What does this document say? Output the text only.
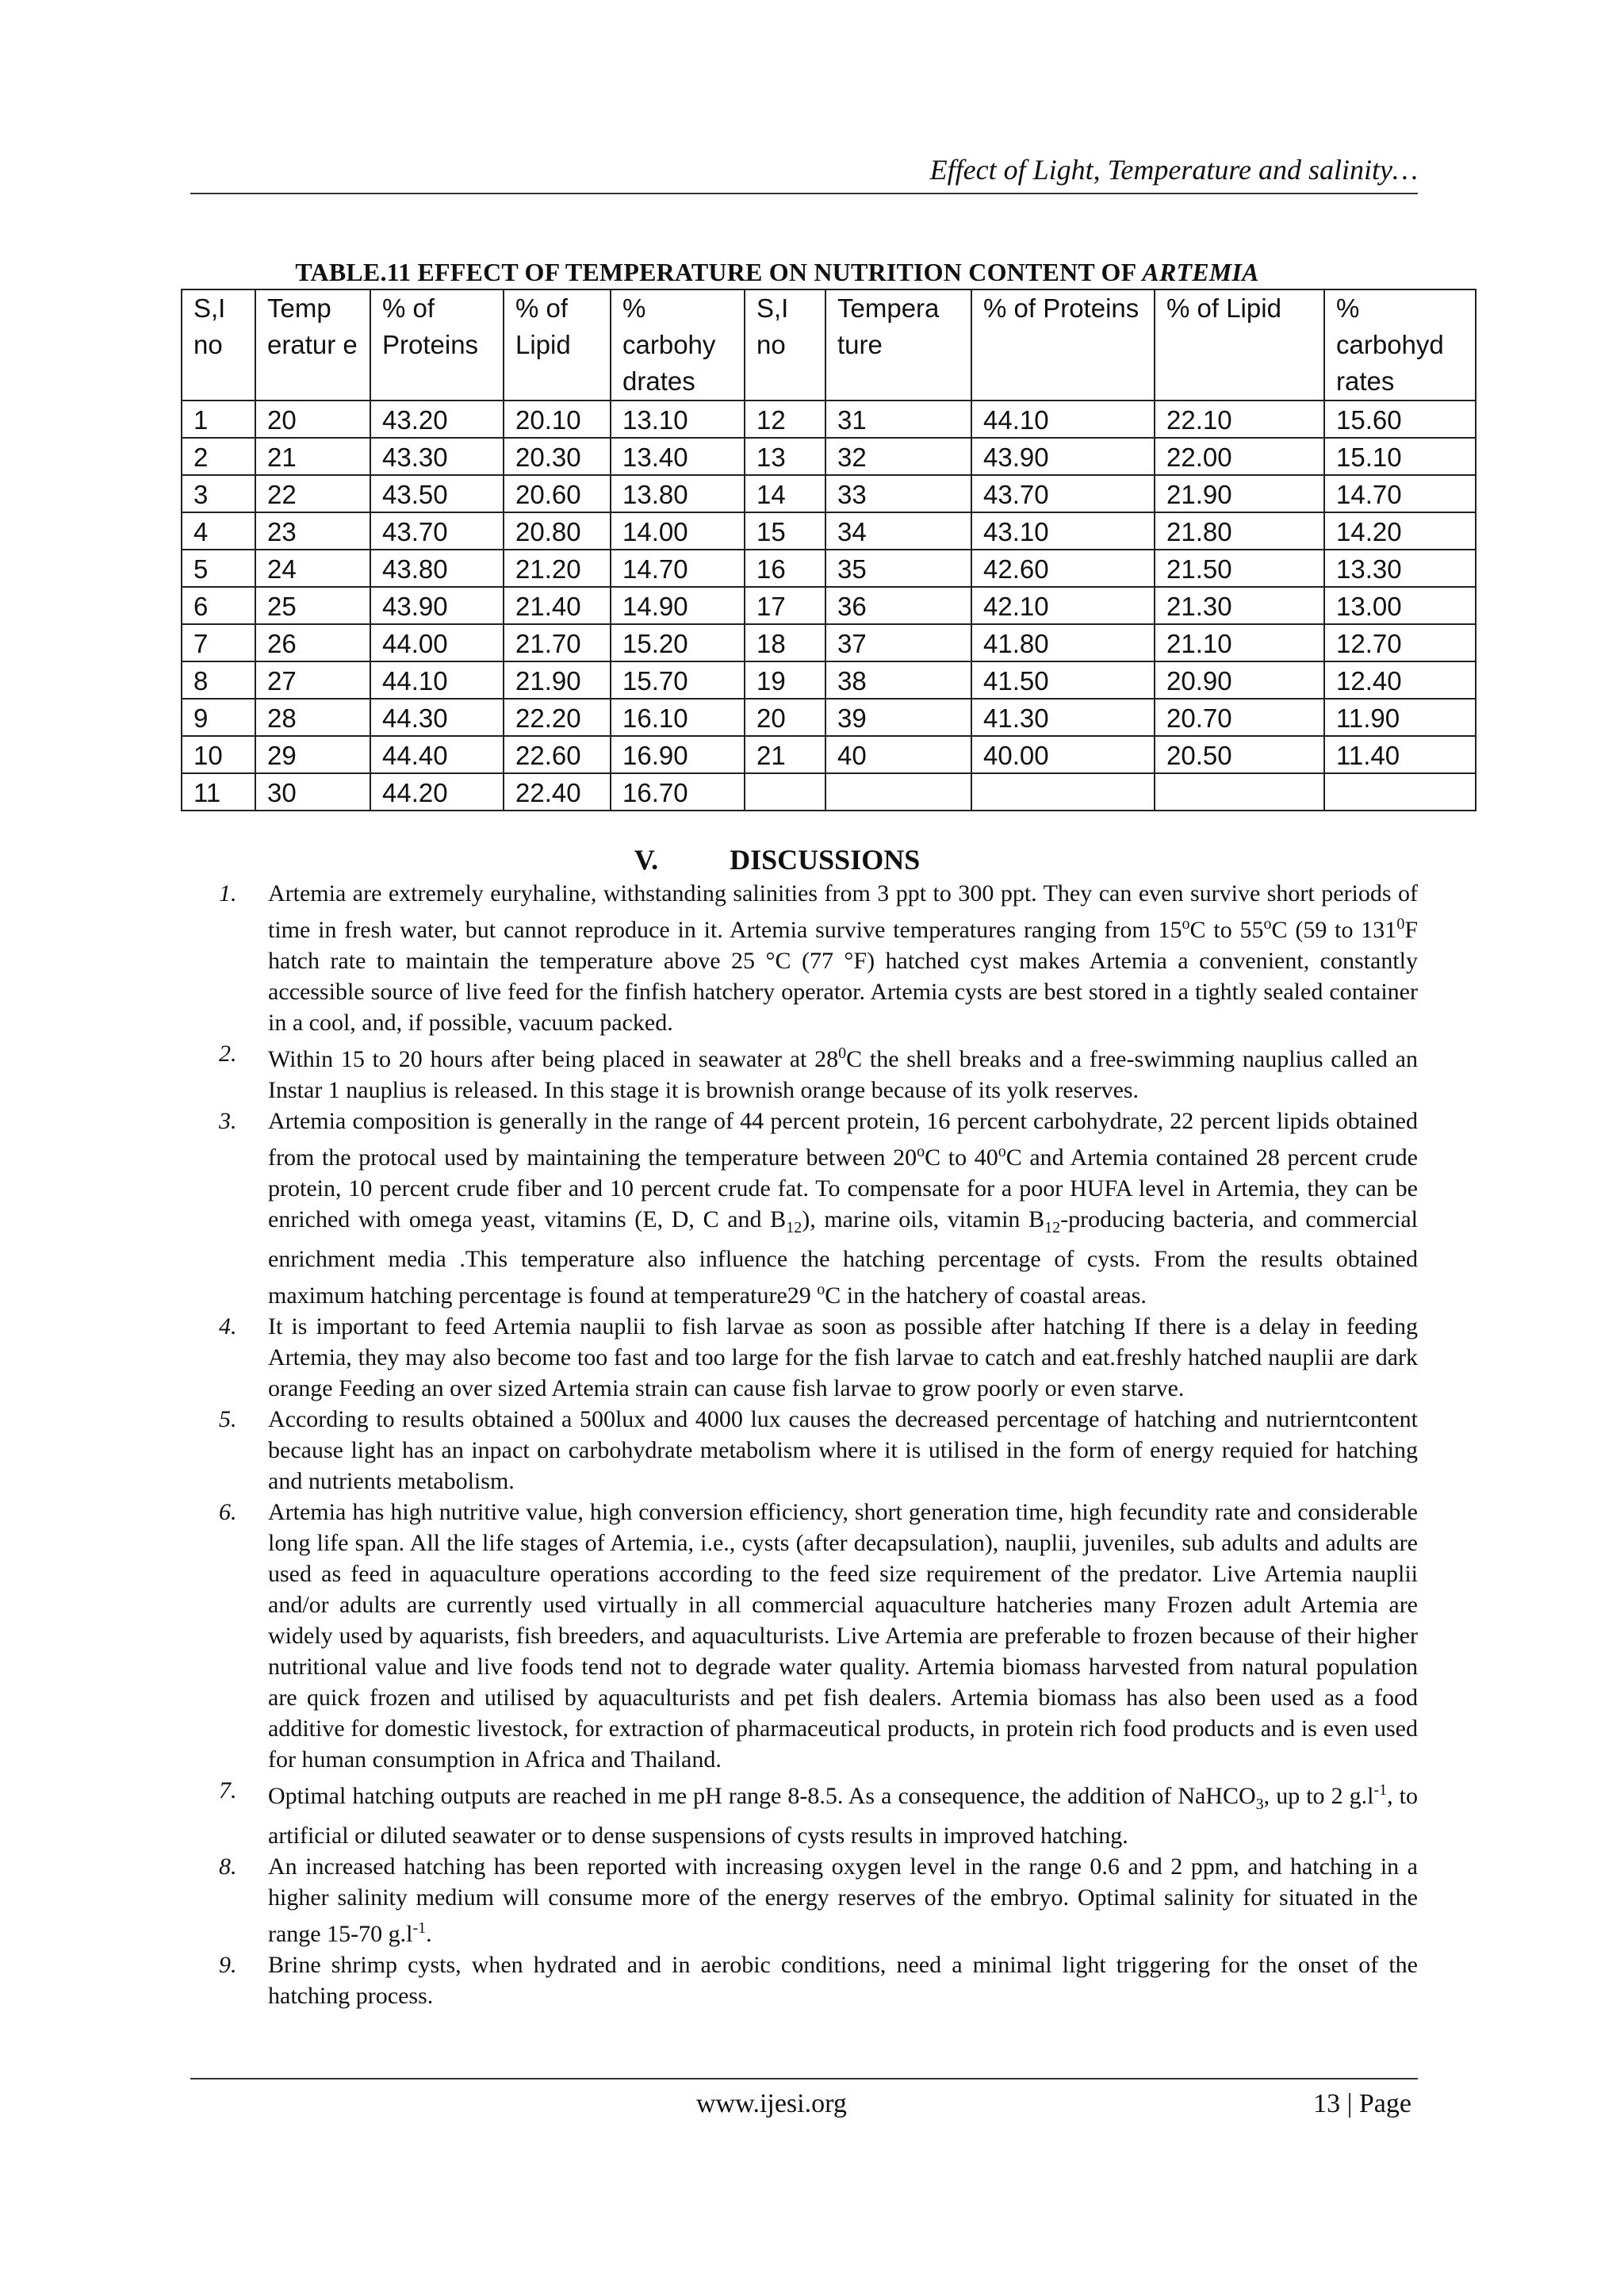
Effect of Light, Temperature and salinity…
TABLE.11 EFFECT OF TEMPERATURE ON NUTRITION CONTENT OF ARTEMIA
S,I no	Temp eratur e	% of Proteins	% of Lipid	% carbohy drates	S,I no	Tempera ture	% of Proteins	% of Lipid	% carbohyd rates
1	20	43.20	20.10	13.10	12	31	44.10	22.10	15.60
2	21	43.30	20.30	13.40	13	32	43.90	22.00	15.10
3	22	43.50	20.60	13.80	14	33	43.70	21.90	14.70
4	23	43.70	20.80	14.00	15	34	43.10	21.80	14.20
5	24	43.80	21.20	14.70	16	35	42.60	21.50	13.30
6	25	43.90	21.40	14.90	17	36	42.10	21.30	13.00
7	26	44.00	21.70	15.20	18	37	41.80	21.10	12.70
8	27	44.10	21.90	15.70	19	38	41.50	20.90	12.40
9	28	44.30	22.20	16.10	20	39	41.30	20.70	11.90
10	29	44.40	22.60	16.90	21	40	40.00	20.50	11.40
11	30	44.20	22.40	16.70					
V.	DISCUSSIONS
1.	Artemia are extremely euryhaline, withstanding salinities from 3 ppt to 300 ppt. They can even survive short periods of time in fresh water, but cannot reproduce in it. Artemia survive temperatures ranging from 15$^o$C to 55$^o$C (59 to $131^0F$ hatch rate to maintain the temperature above 25 °C (77 °F) hatched cyst makes Artemia a convenient, constantly accessible source of live feed for the finfish hatchery operator. Artemia cysts are best stored in a tightly sealed container in a cool, and, if possible, vacuum packed.
2.	Within 15 to 20 hours after being placed in seawater at $28^0C$ the shell breaks and a free-swimming nauplius called an Instar 1 nauplius is released. In this stage it is brownish orange because of its yolk reserves.
3.	Artemia composition is generally in the range of 44 percent protein, 16 percent carbohydrate, 22 percent lipids obtained from the protocal used by maintaining the temperature between 20$^o$C to 40$^o$C and Artemia contained 28 percent crude protein, 10 percent crude fiber and 10 percent crude fat. To compensate for a poor HUFA level in Artemia, they can be enriched with omega yeast, vitamins (E, D, C and $B_{12}$), marine oils, vitamin $B_{12}$-producing bacteria, and commercial enrichment media .This temperature also influence the hatching percentage of cysts. From the results obtained maximum hatching percentage is found at temperature29 $^o$C in the hatchery of coastal areas.
4.	It is important to feed Artemia nauplii to fish larvae as soon as possible after hatching If there is a delay in feeding Artemia, they may also become too fast and too large for the fish larvae to catch and eat.freshly hatched nauplii are dark orange Feeding an over sized Artemia strain can cause fish larvae to grow poorly or even starve.
5.	According to results obtained a 500lux and 4000 lux causes the decreased percentage of hatching and nutrierntcontent because light has an inpact on carbohydrate metabolism where it is utilised in the form of energy requied for hatching and nutrients metabolism.
6.	Artemia has high nutritive value, high conversion efficiency, short generation time, high fecundity rate and considerable long life span. All the life stages of Artemia, i.e., cysts (after decapsulation), nauplii, juveniles, sub adults and adults are used as feed in aquaculture operations according to the feed size requirement of the predator. Live Artemia nauplii and/or adults are currently used virtually in all commercial aquaculture hatcheries many Frozen adult Artemia are widely used by aquarists, fish breeders, and aquaculturists. Live Artemia are preferable to frozen because of their higher nutritional value and live foods tend not to degrade water quality. Artemia biomass harvested from natural population are quick frozen and utilised by aquaculturists and pet fish dealers. Artemia biomass has also been used as a food additive for domestic livestock, for extraction of pharmaceutical products, in protein rich food products and is even used for human consumption in Africa and Thailand.
7.	Optimal hatching outputs are reached in me pH range 8-8.5. As a consequence, the addition of NaHCO$_3$, up to 2 $g.l^{-1}$, to artificial or diluted seawater or to dense suspensions of cysts results in improved hatching.
8.	An increased hatching has been reported with increasing oxygen level in the range 0.6 and 2 ppm, and hatching in a higher salinity medium will consume more of the energy reserves of the embryo. Optimal salinity for situated in the range 15-70 $g.l^{-1}$.
9.	Brine shrimp cysts, when hydrated and in aerobic conditions, need a minimal light triggering for the onset of the hatching process.
www.ijesi.org	13 | Page
